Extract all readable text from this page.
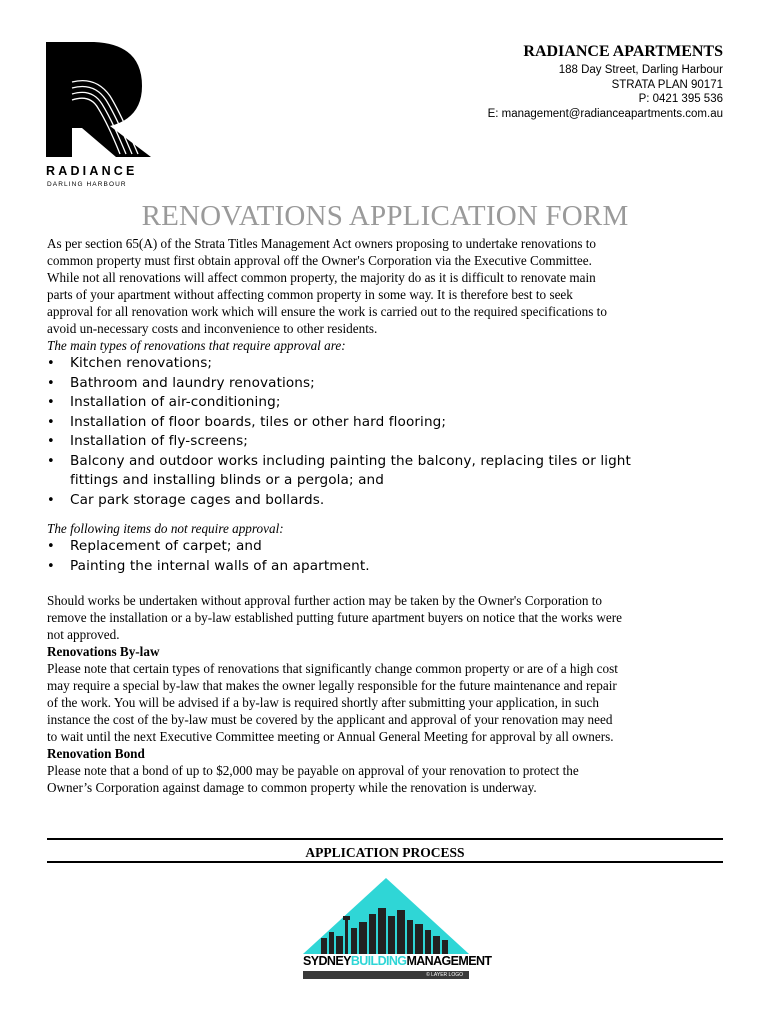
RADIANCE
DARLING HARBOUR
RADIANCE APARTMENTS
188 Day Street, Darling Harbour
STRATA PLAN 90171
P: 0421 395 536
E: management@radianceapartments.com.au
RENOVATIONS APPLICATION FORM

As per section 65(A) of the Strata Titles Management Act owners proposing to undertake renovations to

common property must first obtain approval off the Owner's Corporation via the Executive Committee.

While not all renovations will affect common property, the majority do as it is difficult to renovate main

parts of your apartment without affecting common property in some way. It is therefore best to seek

approval for all renovation work which will ensure the work is carried out to the required specifications to

avoid un-necessary costs and inconvenience to other residents.

The main types of renovations that require approval are:

• Kitchen renovations;
• Bathroom and laundry renovations;
• Installation of air-conditioning;
• Installation of floor boards, tiles or other hard flooring;
• Installation of fly-screens;
• Balcony and outdoor works including painting the balcony, replacing tiles or light
fittings and installing blinds or a pergola; and
• Car park storage cages and bollards.

The following items do not require approval:

• Replacement of carpet; and
• Painting the internal walls of an apartment.

Should works be undertaken without approval further action may be taken by the Owner's Corporation to

remove the installation or a by-law established putting future apartment buyers on notice that the works were

not approved.

Renovations By-law

Please note that certain types of renovations that significantly change common property or are of a high cost

may require a special by-law that makes the owner legally responsible for the future maintenance and repair

of the work. You will be advised if a by-law is required shortly after submitting your application, in such

instance the cost of the by-law must be covered by the applicant and approval of your renovation may need

to wait until the next Executive Committee meeting or Annual General Meeting for approval by all owners.

Renovation Bond

Please note that a bond of up to $2,000 may be payable on approval of your renovation to protect the

Owner’s Corporation against damage to common property while the renovation is underway.

APPLICATION PROCESS
SYDNEYBUILDINGMANAGEMENT
© LAYER LOGO
